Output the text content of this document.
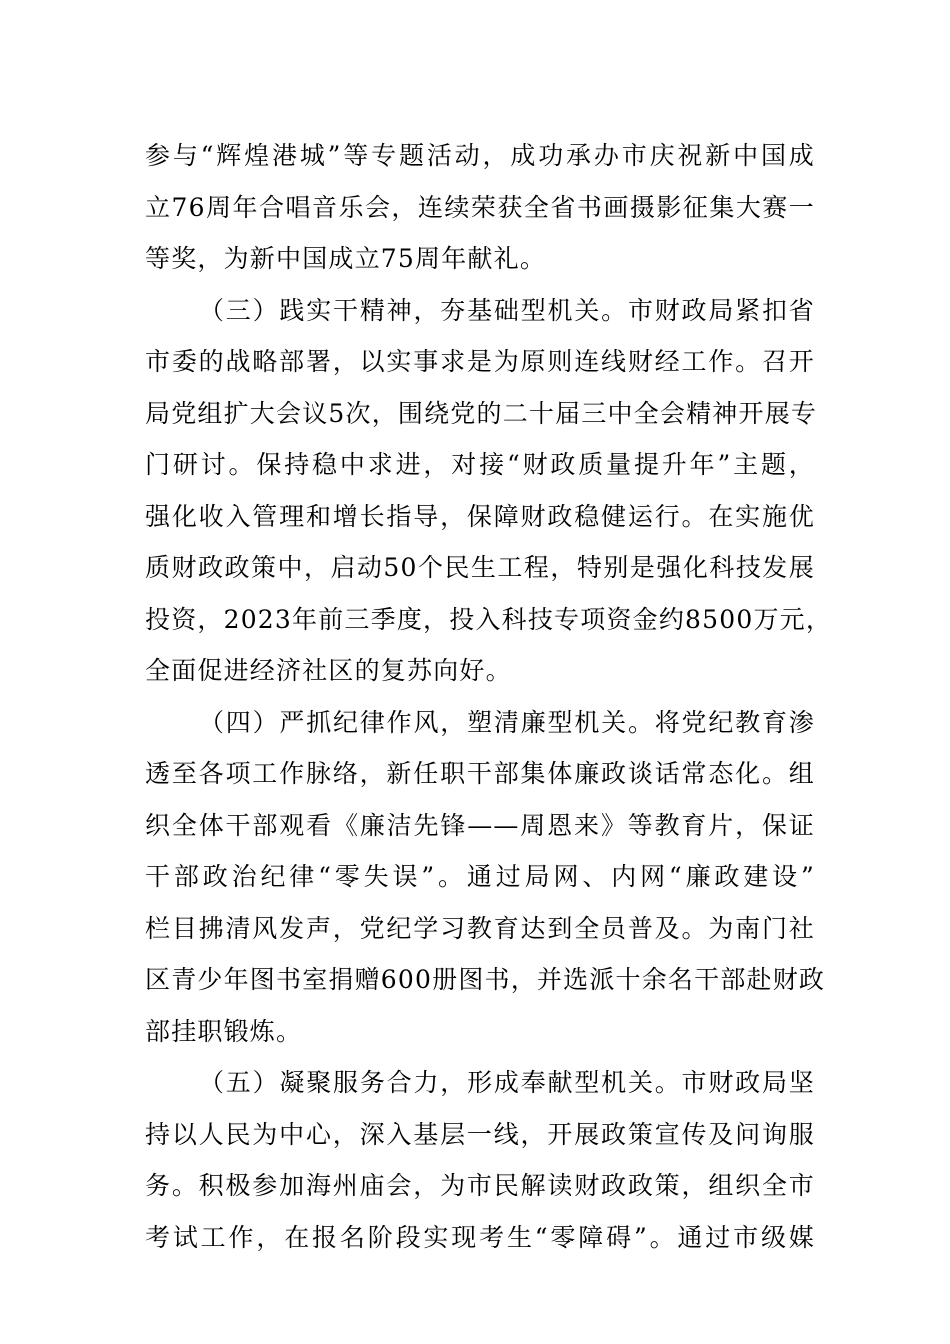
参与“辉煌港城”等专题活动，成功承办市庆祝新中国成
立76周年合唱音乐会，连续荣获全省书画摄影征集大赛一
等奖，为新中国成立75周年献礼。
（三）践实干精神，夯基础型机关。市财政局紧扣省
市委的战略部署，以实事求是为原则连线财经工作。召开
局党组扩大会议5次，围绕党的二十届三中全会精神开展专
门研讨。保持稳中求进，对接“财政质量提升年”主题，
强化收入管理和增长指导，保障财政稳健运行。在实施优
质财政政策中，启动50个民生工程，特别是强化科技发展
投资，2023年前三季度，投入科技专项资金约8500万元，
全面促进经济社区的复苏向好。
（四）严抓纪律作风，塑清廉型机关。将党纪教育渗
透至各项工作脉络，新任职干部集体廉政谈话常态化。组
织全体干部观看《廉洁先锋——周恩来》等教育片，保证
干部政治纪律“零失误”。通过局网、内网“廉政建设”
栏目拂清风发声，党纪学习教育达到全员普及。为南门社
区青少年图书室捐赠600册图书，并选派十余名干部赴财政
部挂职锻炼。
（五）凝聚服务合力，形成奉献型机关。市财政局坚
持以人民为中心，深入基层一线，开展政策宣传及问询服
务。积极参加海州庙会，为市民解读财政政策，组织全市
考试工作，在报名阶段实现考生“零障碍”。通过市级媒
